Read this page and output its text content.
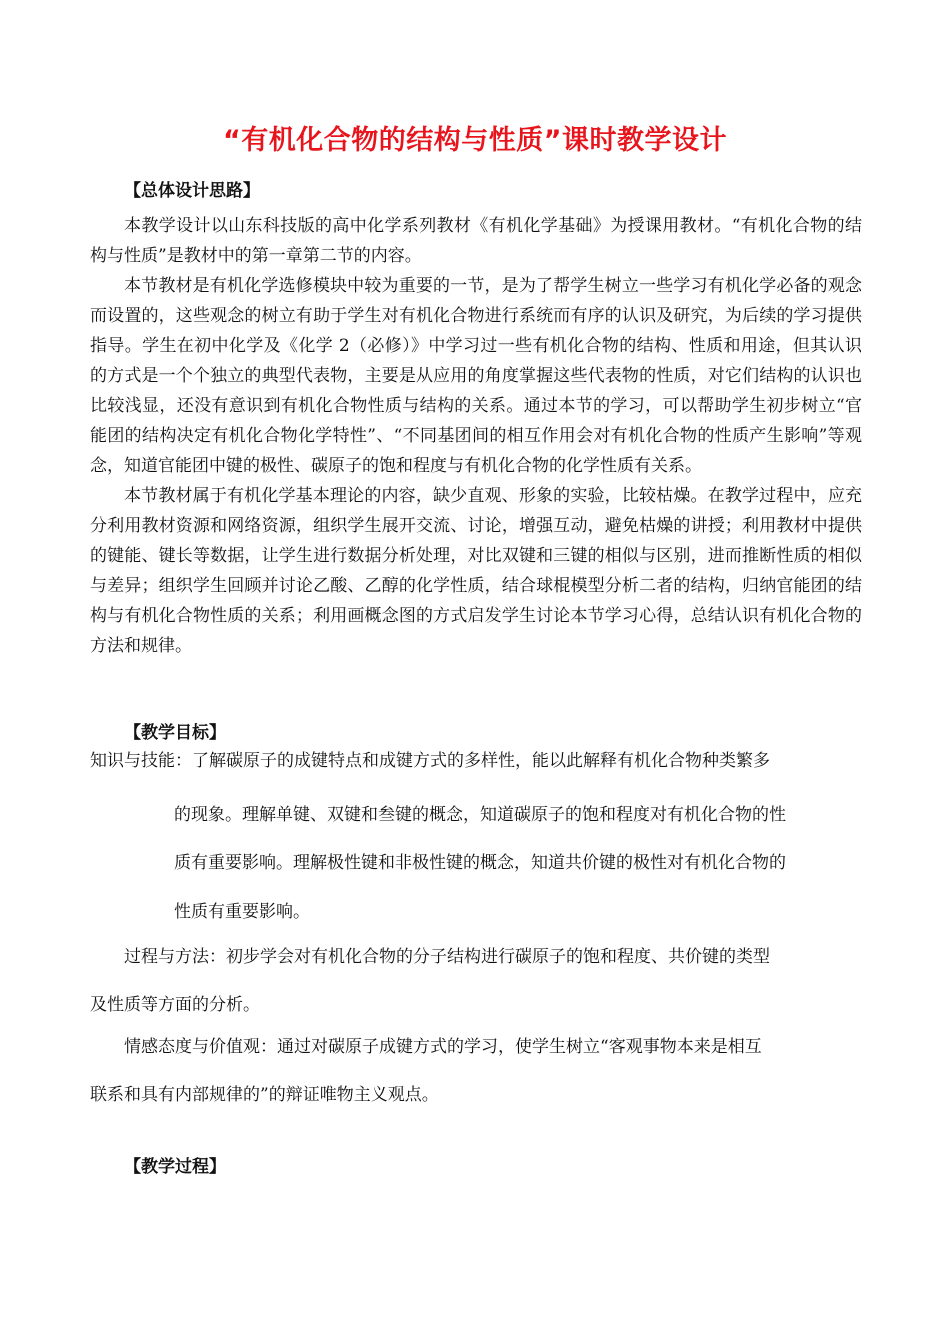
“有机化合物的结构与性质”课时教学设计
【总体设计思路】

本教学设计以山东科技版的高中化学系列教材《有机化学基础》为授课用教材。“有机化合物的结构与性质”是教材中的第一章第二节的内容。

本节教材是有机化学选修模块中较为重要的一节，是为了帮学生树立一些学习有机化学必备的观念而设置的，这些观念的树立有助于学生对有机化合物进行系统而有序的认识及研究，为后续的学习提供指导。学生在初中化学及《化学 2（必修）》中学习过一些有机化合物的结构、性质和用途，但其认识的方式是一个个独立的典型代表物，主要是从应用的角度掌握这些代表物的性质，对它们结构的认识也比较浅显，还没有意识到有机化合物性质与结构的关系。通过本节的学习，可以帮助学生初步树立“官能团的结构决定有机化合物化学特性”、“不同基团间的相互作用会对有机化合物的性质产生影响”等观念，知道官能团中键的极性、碳原子的饱和程度与有机化合物的化学性质有关系。

本节教材属于有机化学基本理论的内容，缺少直观、形象的实验，比较枯燥。在教学过程中，应充分利用教材资源和网络资源，组织学生展开交流、讨论，增强互动，避免枯燥的讲授；利用教材中提供的键能、键长等数据，让学生进行数据分析处理，对比双键和三键的相似与区别，进而推断性质的相似与差异；组织学生回顾并讨论乙酸、乙醇的化学性质，结合球棍模型分析二者的结构，归纳官能团的结构与有机化合物性质的关系；利用画概念图的方式启发学生讨论本节学习心得，总结认识有机化合物的方法和规律。

【教学目标】
知识与技能：了解碳原子的成键特点和成键方式的多样性，能以此解释有机化合物种类繁多
的现象。理解单键、双键和叁键的概念，知道碳原子的饱和程度对有机化合物的性
质有重要影响。理解极性键和非极性键的概念，知道共价键的极性对有机化合物的
性质有重要影响。
过程与方法：初步学会对有机化合物的分子结构进行碳原子的饱和程度、共价键的类型
及性质等方面的分析。
情感态度与价值观：通过对碳原子成键方式的学习，使学生树立“客观事物本来是相互
联系和具有内部规律的”的辩证唯物主义观点。
【教学过程】
